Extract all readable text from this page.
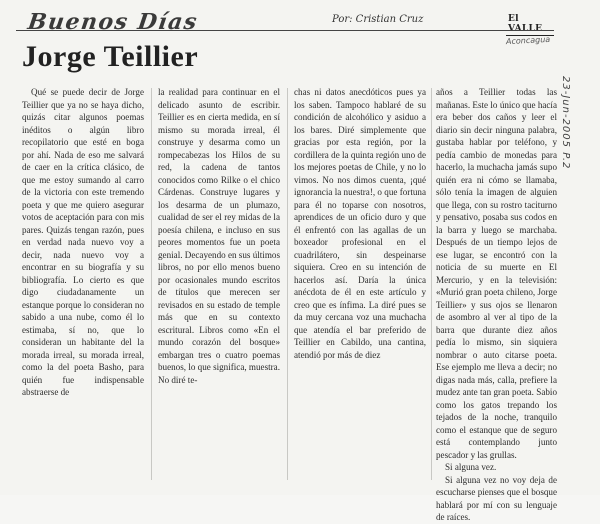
Buenos Días	Por: Cristian Cruz	El VALLE
Aconcagua
23-Jun-2005 P.2
Jorge Teillier

Qué se puede decir de Jorge Teillier que ya no se haya dicho, quizás citar algunos poemas inéditos o algún libro recopilatorio que esté en boga por ahí. Nada de eso me salvará de caer en la crítica clásico, de que me estoy sumando al carro de la victoria con este tremendo poeta y que me quiero asegurar votos de aceptación para con mis pares. Quizás tengan razón, pues en verdad nada nuevo voy a decir, nada nuevo voy a encontrar en su biografía y su bibliografía. Lo cierto es que digo ciudadanamente un estanque porque lo consideran no sabido a una nube, como él lo estimaba, sí no, que lo consideran un habitante del la morada irreal, su morada irreal, como la del poeta Basho, para quién fue indispensable abstraerse de

la realidad para continuar en el delicado asunto de escribir. Teillier es en cierta medida, en sí mismo su morada irreal, él construye y desarma como un rompecabezas los Hilos de su red, la cadena de tantos conocidos como Rilke o el chico Cárdenas. Construye lugares y los desarma de un plumazo, cualidad de ser el rey midas de la poesía chilena, e incluso en sus peores momentos fue un poeta genial. Decayendo en sus últimos libros, no por ello menos bueno por ocasionales mundo escritos de títulos que merecen ser revisados en su estado de temple más que en su contexto escritural. Libros como «En el mundo corazón del bosque» embargan tres o cuatro poemas buenos, lo que significa, muestra. No diré te-

chas ni datos anecdóticos pues ya los saben. Tampoco hablaré de su condición de alcohólico y asiduo a los bares. Diré simplemente que gracias por esta región, por la cordillera de la quinta región uno de los mejores poetas de Chile, y no lo vimos. No nos dimos cuenta, ¡qué ignorancia la nuestra!, o que fortuna para él no toparse con nosotros, aprendices de un oficio duro y que él enfrentó con las agallas de un boxeador profesional en el cuadrilátero, sin despeinarse siquiera. Creo en su intención de hacerlos así. Daría la única anécdota de él en este artículo y creo que es ínfima. La diré pues se da muy cercana voz una muchacha que atendía el bar preferido de Teillier en Cabildo, una cantina, atendió por más de diez

años a Teillier todas las mañanas. Este lo único que hacía era beber dos caños y leer el diario sin decir ninguna palabra, gustaba hablar por teléfono, y pedía cambio de monedas para hacerlo, la muchacha jamás supo quién era ni cómo se llamaba, sólo tenía la imagen de alguien que llega, con su rostro taciturno y pensativo, posaba sus codos en la barra y luego se marchaba. Después de un tiempo lejos de ese lugar, se encontró con la noticia de su muerte en El Mercurio, y en la televisión: «Murió gran poeta chileno, Jorge Teillier» y sus ojos se llenaron de asombro al ver al tipo de la barra que durante diez años pedía lo mismo, sin siquiera nombrar o auto citarse poeta. Ese ejemplo me lleva a decir; no digas nada más, calla, prefiere la mudez ante tan gran poeta. Sabio como los gatos trepando los tejados de la noche, tranquilo como el estanque que de seguro está contemplando junto pescador y las grullas.

Si alguna vez.

Si alguna vez no voy deja de escucharse pienses que el bosque hablará por mí con su lenguaje de raíces.
